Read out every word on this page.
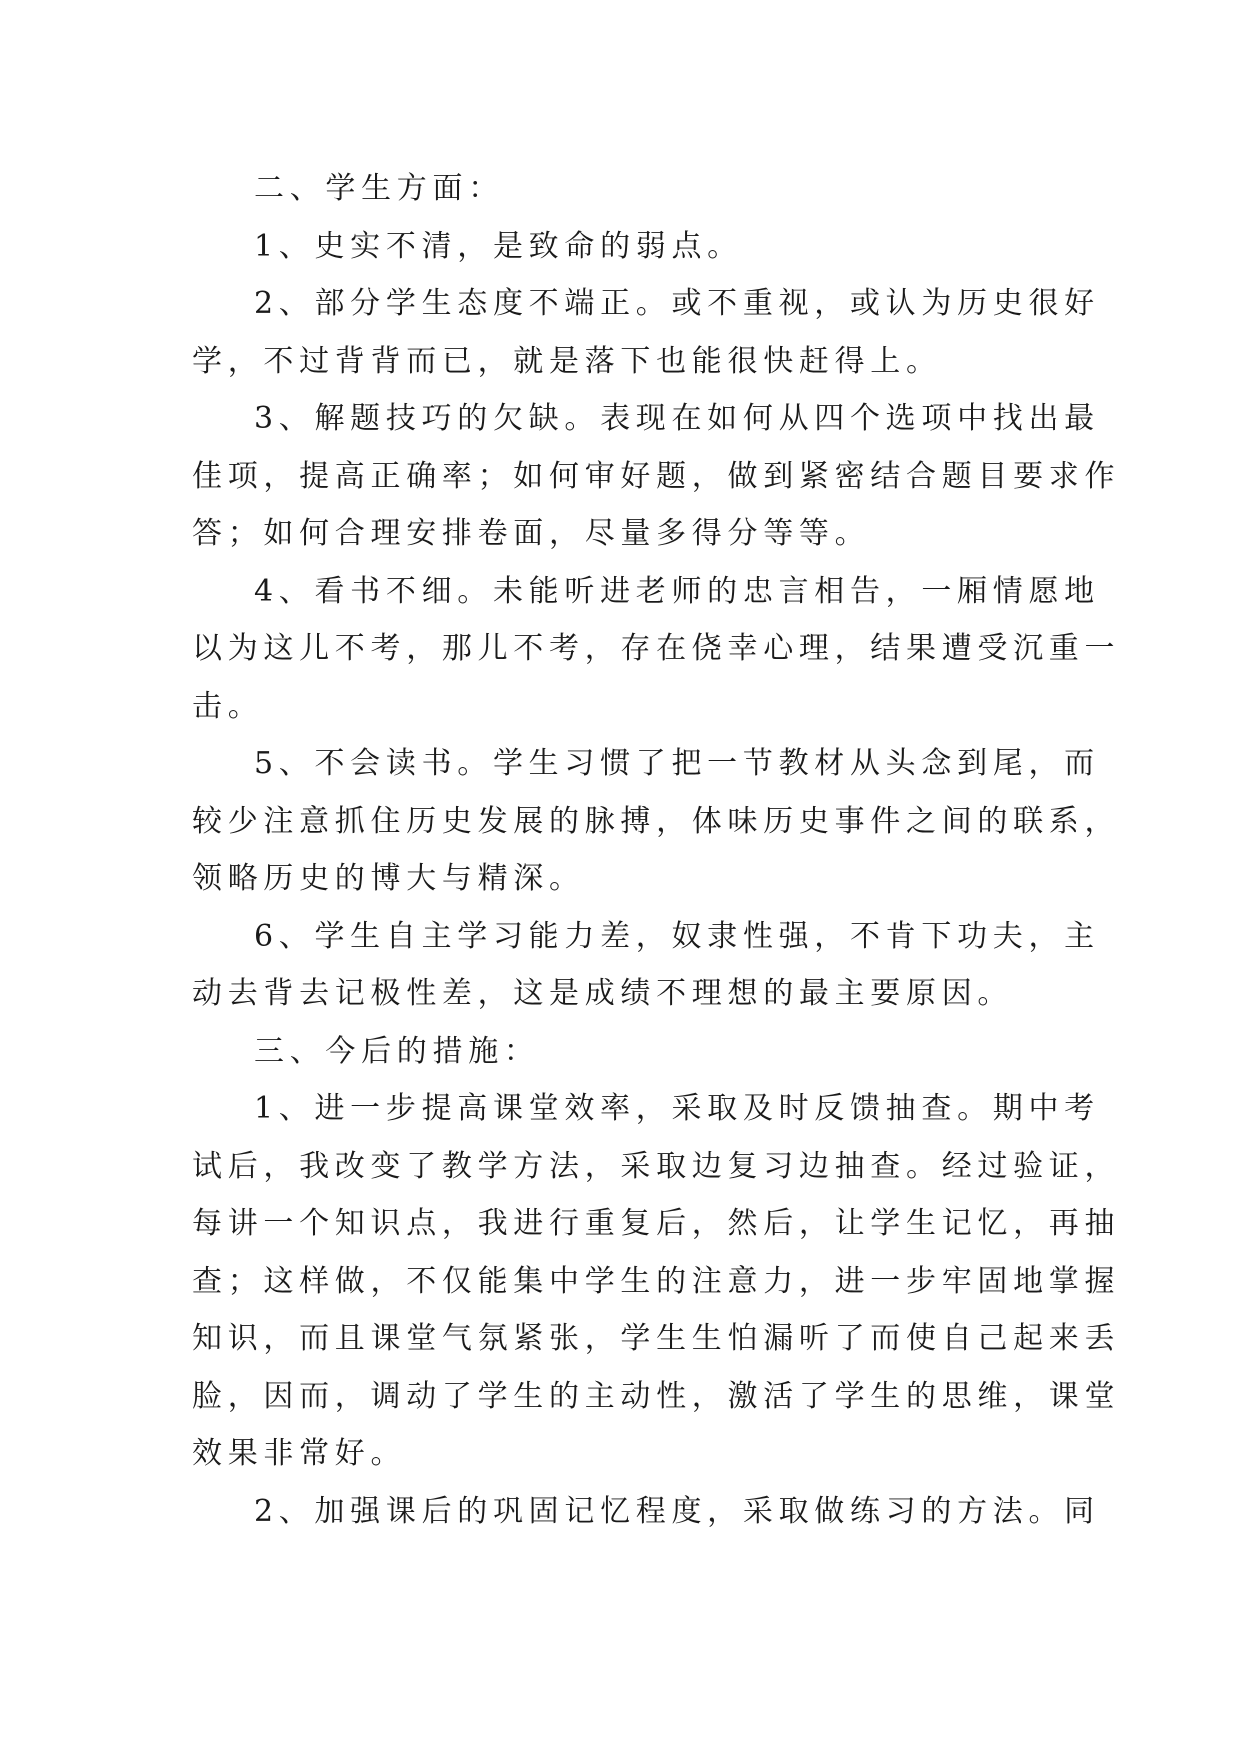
二、学生方面：
1、史实不清，是致命的弱点。
2、部分学生态度不端正。或不重视，或认为历史很好
学，不过背背而已，就是落下也能很快赶得上。
3、解题技巧的欠缺。表现在如何从四个选项中找出最
佳项，提高正确率；如何审好题，做到紧密结合题目要求作
答；如何合理安排卷面，尽量多得分等等。
4、看书不细。未能听进老师的忠言相告，一厢情愿地
以为这儿不考，那儿不考，存在侥幸心理，结果遭受沉重一
击。
5、不会读书。学生习惯了把一节教材从头念到尾，而
较少注意抓住历史发展的脉搏，体味历史事件之间的联系，
领略历史的博大与精深。
6、学生自主学习能力差，奴隶性强，不肯下功夫，主
动去背去记极性差，这是成绩不理想的最主要原因。
三、今后的措施：
1、进一步提高课堂效率，采取及时反馈抽查。期中考
试后，我改变了教学方法，采取边复习边抽查。经过验证，
每讲一个知识点，我进行重复后，然后，让学生记忆，再抽
查；这样做，不仅能集中学生的注意力，进一步牢固地掌握
知识，而且课堂气氛紧张，学生生怕漏听了而使自己起来丢
脸，因而，调动了学生的主动性，激活了学生的思维，课堂
效果非常好。
2、加强课后的巩固记忆程度，采取做练习的方法。同
